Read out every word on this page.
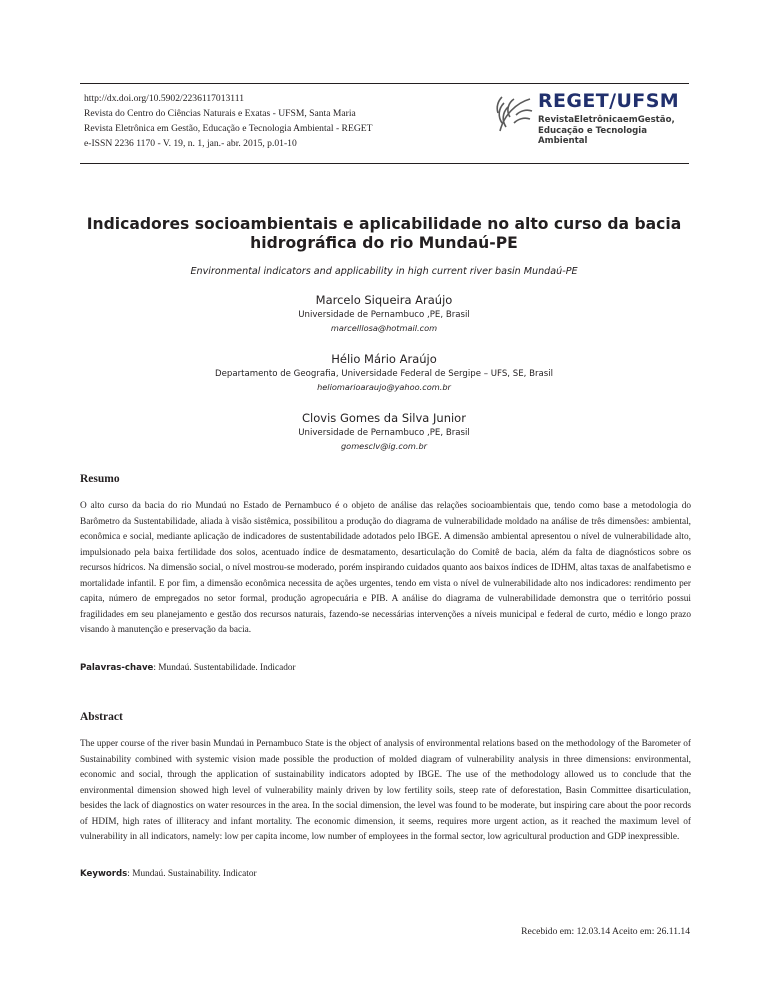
http://dx.doi.org/10.5902/2236117013111
Revista do Centro do Ciências Naturais e Exatas - UFSM, Santa Maria
Revista Eletrônica em Gestão, Educação e Tecnologia Ambiental - REGET
e-ISSN 2236 1170 - V. 19, n. 1, jan.- abr. 2015, p.01-10
REGET/UFSM
Revista Eletrônica em Gestão,
Educação e Tecnologia Ambiental
Indicadores socioambientais e aplicabilidade no alto curso da bacia hidrográfica do rio Mundaú-PE
Environmental indicators and applicability in high current river basin Mundaú-PE
Marcelo Siqueira Araújo
Universidade de Pernambuco ,PE, Brasil
marcelllosa@hotmail.com
Hélio Mário Araújo
Departamento de Geografia, Universidade Federal de Sergipe – UFS, SE, Brasil
heliomarioaraujo@yahoo.com.br
Clovis Gomes da Silva Junior
Universidade de Pernambuco ,PE, Brasil
gomesclv@ig.com.br
Resumo
O alto curso da bacia do rio Mundaú no Estado de Pernambuco é o objeto de análise das relações socioambientais que, tendo como base a metodologia do Barômetro da Sustentabilidade, aliada à visão sistêmica, possibilitou a produção do diagrama de vulnerabilidade moldado na análise de três dimensões: ambiental, econômica e social, mediante aplicação de indicadores de sustentabilidade adotados pelo IBGE. A dimensão ambiental apresentou o nível de vulnerabilidade alto, impulsionado pela baixa fertilidade dos solos, acentuado índice de desmatamento, desarticulação do Comitê de bacia, além da falta de diagnósticos sobre os recursos hídricos. Na dimensão social, o nível mostrou-se moderado, porém inspirando cuidados quanto aos baixos índices de IDHM, altas taxas de analfabetismo e mortalidade infantil. E por fim, a dimensão econômica necessita de ações urgentes, tendo em vista o nível de vulnerabilidade alto nos indicadores: rendimento per capita, número de empregados no setor formal, produção agropecuária e PIB. A análise do diagrama de vulnerabilidade demonstra que o território possui fragilidades em seu planejamento e gestão dos recursos naturais, fazendo-se necessárias intervenções a níveis municipal e federal de curto, médio e longo prazo visando à manutenção e preservação da bacia.
Palavras-chave: Mundaú. Sustentabilidade. Indicador
Abstract
The upper course of the river basin Mundaú in Pernambuco State is the object of analysis of environmental relations based on the methodology of the Barometer of Sustainability combined with systemic vision made possible the production of molded diagram of vulnerability analysis in three dimensions: environmental, economic and social, through the application of sustainability indicators adopted by IBGE. The use of the methodology allowed us to conclude that the environmental dimension showed high level of vulnerability mainly driven by low fertility soils, steep rate of deforestation, Basin Committee disarticulation, besides the lack of diagnostics on water resources in the area. In the social dimension, the level was found to be moderate, but inspiring care about the poor records of HDIM, high rates of illiteracy and infant mortality. The economic dimension, it seems, requires more urgent action, as it reached the maximum level of vulnerability in all indicators, namely: low per capita income, low number of employees in the formal sector, low agricultural production and GDP inexpressible.
Keywords: Mundaú. Sustainability. Indicator
Recebido em: 12.03.14 Aceito em: 26.11.14
